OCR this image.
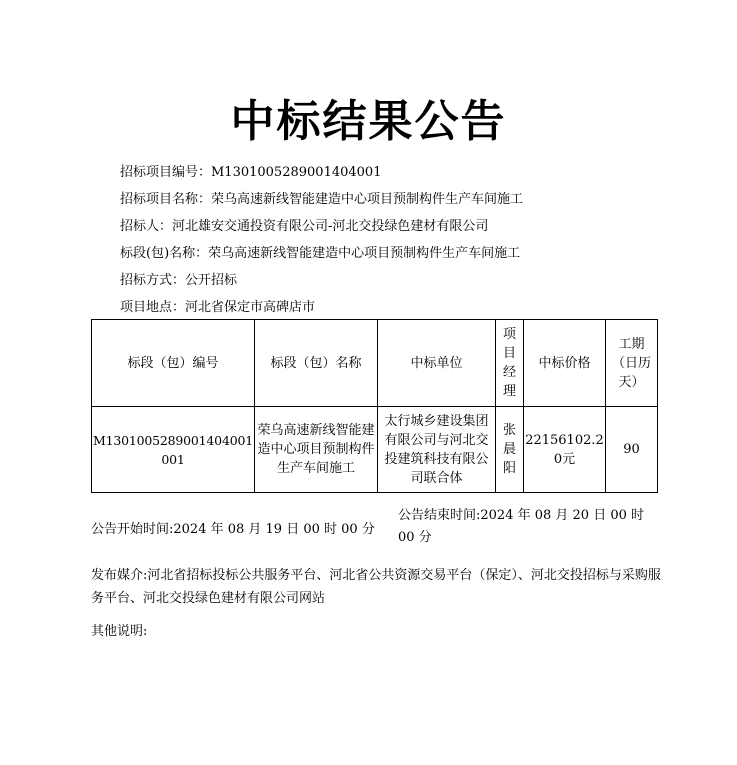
中标结果公告
招标项目编号：M1301005289001404001
招标项目名称：荣乌高速新线智能建造中心项目预制构件生产车间施工
招标人：河北雄安交通投资有限公司-河北交投绿色建材有限公司
标段(包)名称：荣乌高速新线智能建造中心项目预制构件生产车间施工
招标方式：公开招标
项目地点：河北省保定市高碑店市
标段（包）编号	标段（包）名称	中标单位	项目经理	中标价格	工期（日历天）
M1301005289001404001001	荣乌高速新线智能建造中心项目预制构件生产车间施工	太行城乡建设集团有限公司与河北交投建筑科技有限公司联合体	张晨阳	22156102.20元	90
公告开始时间:2024 年 08 月 19 日 00 时 00 分
公告结束时间:2024 年 08 月 20 日 00 时 00 分
发布媒介:河北省招标投标公共服务平台、河北省公共资源交易平台（保定）、河北交投招标与采购服务平台、河北交投绿色建材有限公司网站
其他说明:
